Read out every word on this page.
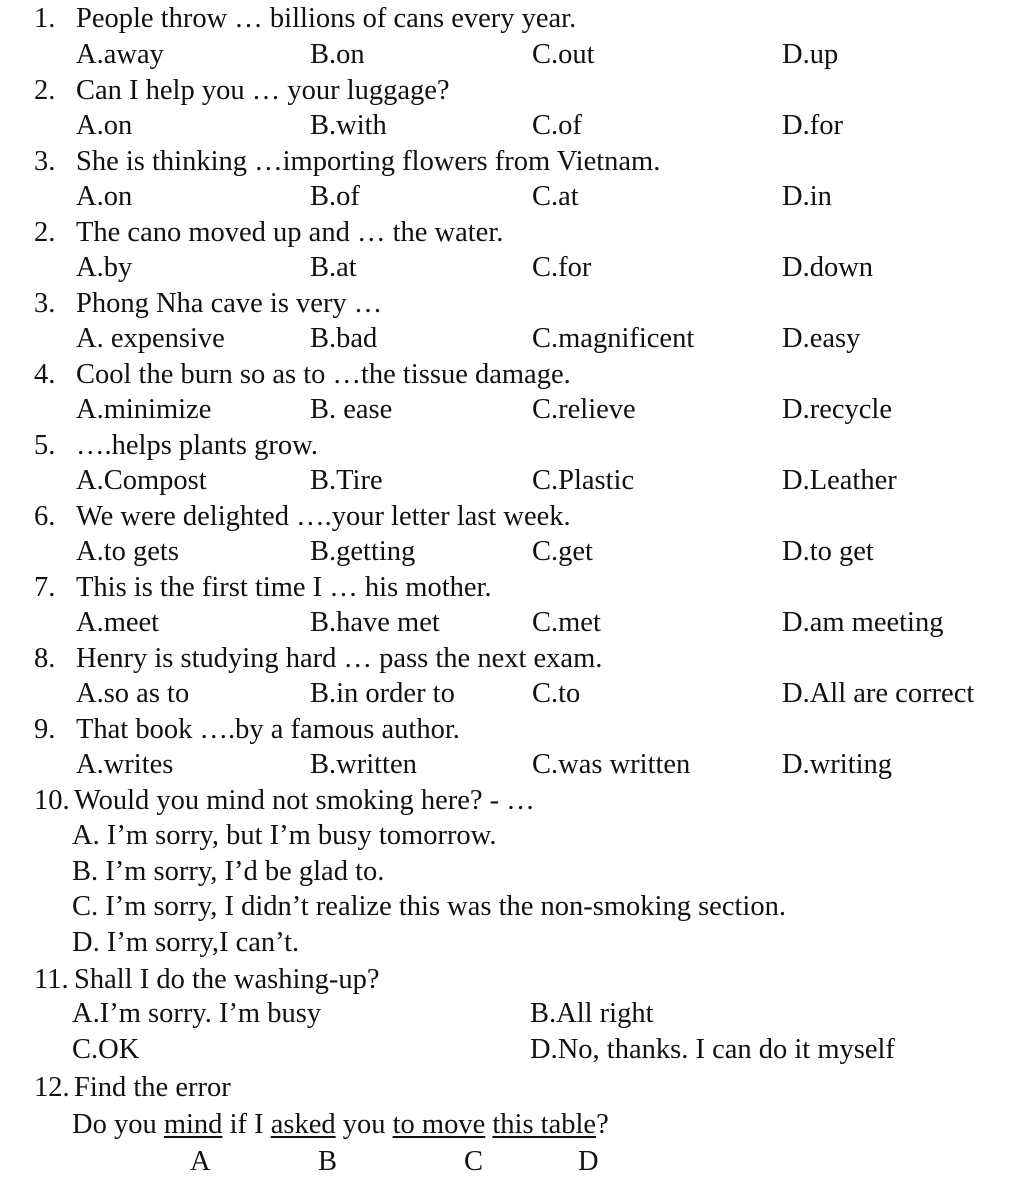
1. People throw … billions of cans every year.
A.away	B.on	C.out	D.up
2. Can I help you … your luggage?
A.on	B.with	C.of	D.for
3. She is thinking …importing flowers from Vietnam.
A.on	B.of	C.at	D.in
2. The cano moved up and … the water.
A.by	B.at	C.for	D.down
3. Phong Nha cave is very …
A. expensive	B.bad	C.magnificent	D.easy
4. Cool the burn so as to …the tissue damage.
A.minimize	B. ease	C.relieve	D.recycle
5. ….helps plants grow.
A.Compost	B.Tire	C.Plastic	D.Leather
6. We were delighted ….your letter last week.
A.to gets	B.getting	C.get	D.to get
7. This is the first time I … his mother.
A.meet	B.have met	C.met	D.am meeting
8. Henry is studying hard … pass the next exam.
A.so as to	B.in order to	C.to	D.All are correct
9. That book ….by a famous author.
A.writes	B.written	C.was written	D.writing
10. Would you mind not smoking here? - …
A. I’m sorry, but I’m busy tomorrow.
B. I’m sorry, I’d be glad to.
C. I’m sorry, I didn’t realize this was the non-smoking section.
D. I’m sorry,I can’t.
11. Shall I do the washing-up?
A.I’m sorry. I’m busy	B.All right
C.OK	D.No, thanks. I can do it myself
12. Find the error
Do you mind if I asked you to move this table?
A	B	C	D
